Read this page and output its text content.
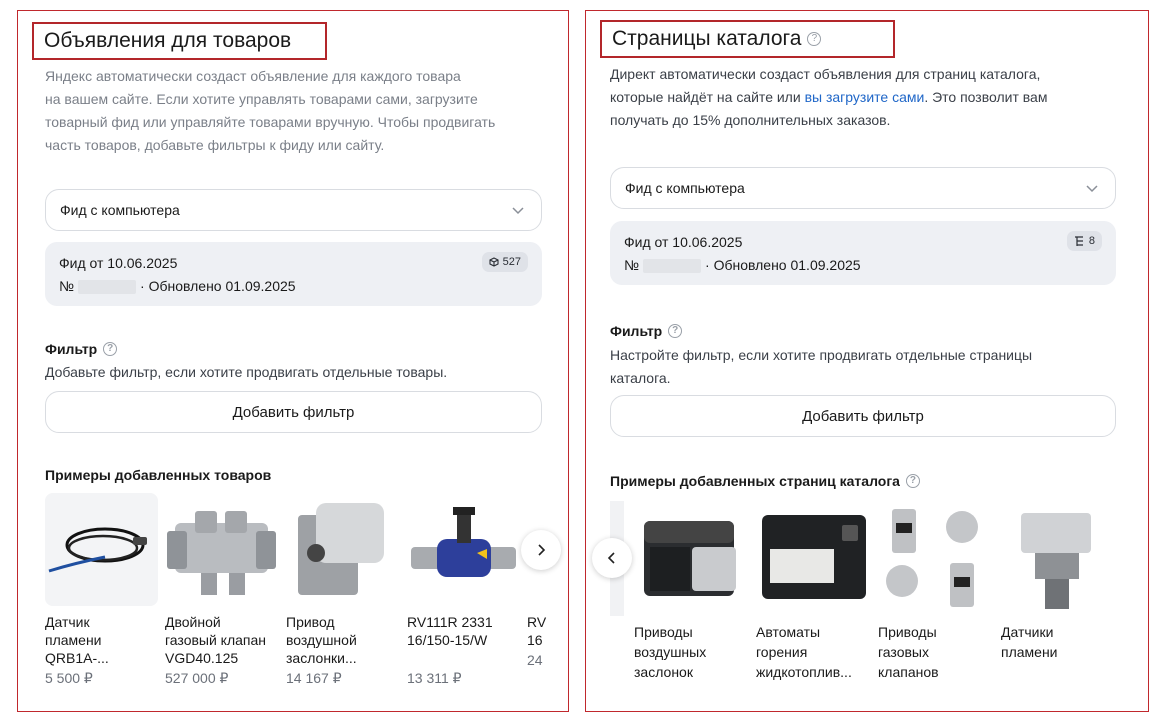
Объявления для товаров
Яндекс автоматически создаст объявление для каждого товара
на вашем сайте. Если хотите управлять товарами сами, загрузите
товарный фид или управляйте товарами вручную. Чтобы продвигать
часть товаров, добавьте фильтры к фиду или сайту.
Фид с компьютера
Фид от 10.06.2025
№	· Обновлено 01.09.2025
527
Фильтр ?
Добавьте фильтр, если хотите продвигать отдельные товары.
Добавить фильтр
Примеры добавленных товаров
Датчик
пламени
QRB1A-...
5 500 ₽
Двойной
газовый клапан
VGD40.125
527 000 ₽
Привод
воздушной
заслонки...
14 167 ₽
RV111R 2331
16/150-15/W
13 311 ₽
RV
16
24
Страницы каталога	?
Директ автоматически создаст объявления для страниц каталога,
которые найдёт на сайте или вы загрузите сами. Это позволит вам
получать до 15% дополнительных заказов.
Фид с компьютера
Фид от 10.06.2025
№	· Обновлено 01.09.2025
8
Фильтр ?
Настройте фильтр, если хотите продвигать отдельные страницы
каталога.
Добавить фильтр
Примеры добавленных страниц каталога ?
Приводы
воздушных
заслонок
Автоматы
горения
жидкотоплив...
Приводы
газовых
клапанов
Датчики
пламени
